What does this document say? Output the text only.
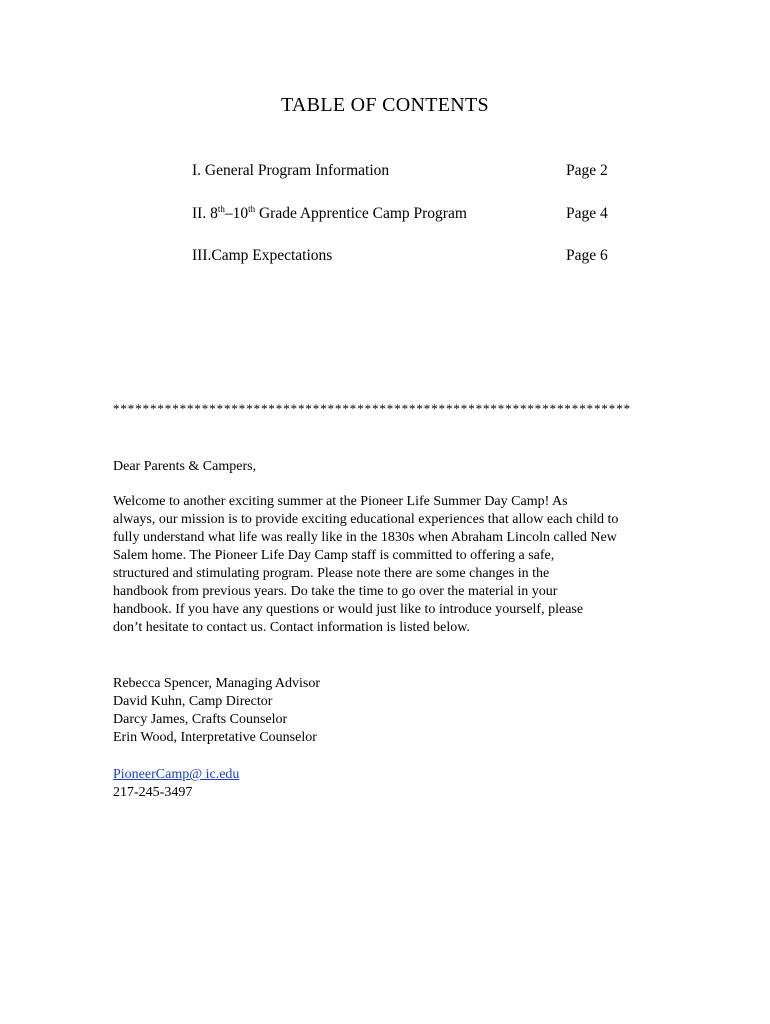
TABLE OF CONTENTS
I. General Program Information	Page 2
II. 8th–10th Grade Apprentice Camp Program	Page 4
III.Camp Expectations	Page 6
**********************************************************************
Dear Parents & Campers,
Welcome to another exciting summer at the Pioneer Life Summer Day Camp! As
always, our mission is to provide exciting educational experiences that allow each child to
fully understand what life was really like in the 1830s when Abraham Lincoln called New
Salem home. The Pioneer Life Day Camp staff is committed to offering a safe,
structured and stimulating program. Please note there are some changes in the
handbook from previous years. Do take the time to go over the material in your
handbook. If you have any questions or would just like to introduce yourself, please
don’t hesitate to contact us. Contact information is listed below.
Rebecca Spencer, Managing Advisor
David Kuhn, Camp Director
Darcy James, Crafts Counselor
Erin Wood, Interpretative Counselor
PioneerCamp@ ic.edu
217-245-3497
